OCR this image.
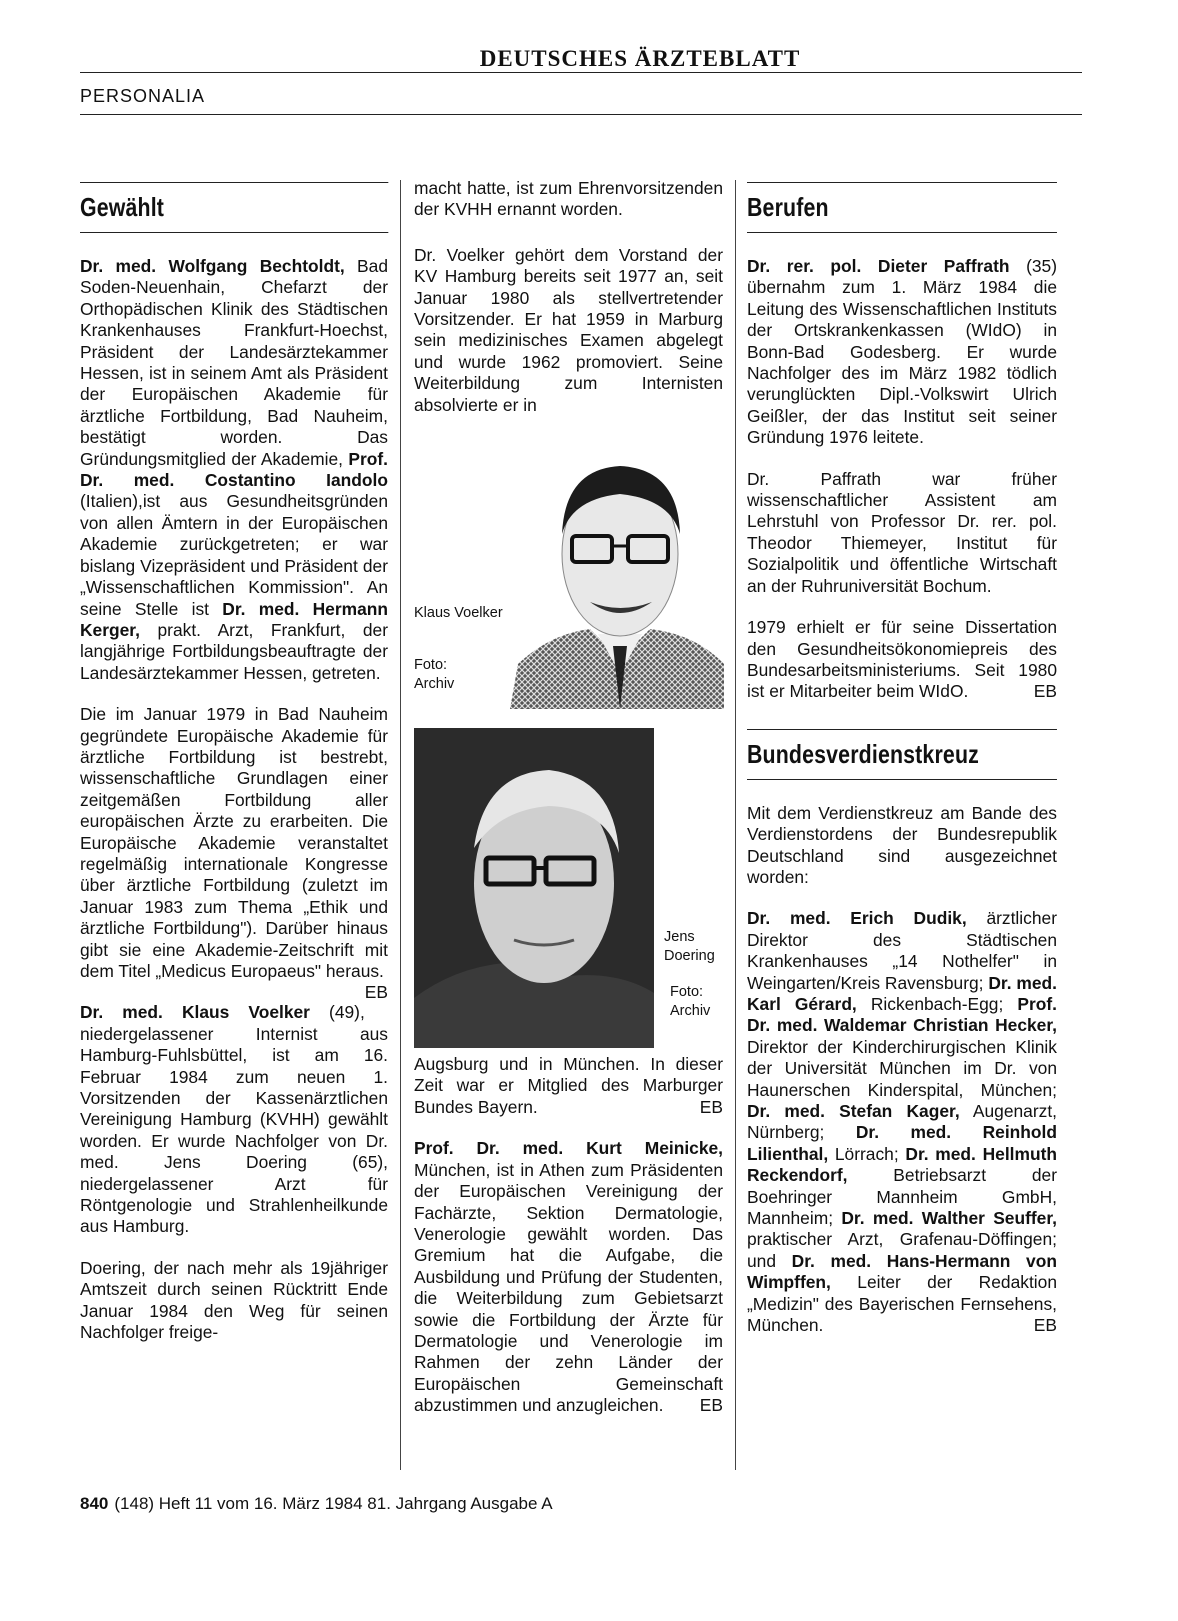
DEUTSCHES ÄRZTEBLATT
PERSONALIA
Gewählt

Dr. med. Wolfgang Bechtoldt, Bad Soden-Neuenhain, Chefarzt der Orthopädischen Klinik des Städtischen Krankenhauses Frankfurt-Hoechst, Präsident der Landesärztekammer Hessen, ist in seinem Amt als Präsident der Europäischen Akademie für ärztliche Fortbildung, Bad Nauheim, bestätigt worden. Das Gründungsmitglied der Akademie, Prof. Dr. med. Costantino Iandolo (Italien),ist aus Gesundheitsgründen von allen Ämtern in der Europäischen Akademie zurückgetreten; er war bislang Vizepräsident und Präsident der „Wissenschaftlichen Kommission". An seine Stelle ist Dr. med. Hermann Kerger, prakt. Arzt, Frankfurt, der langjährige Fortbildungsbeauftragte der Landesärztekammer Hessen, getreten.

Die im Januar 1979 in Bad Nauheim gegründete Europäische Akademie für ärztliche Fortbildung ist bestrebt, wissenschaftliche Grundlagen einer zeitgemäßen Fortbildung aller europäischen Ärzte zu erarbeiten. Die Europäische Akademie veranstaltet regelmäßig internationale Kongresse über ärztliche Fortbildung (zuletzt im Januar 1983 zum Thema „Ethik und ärztliche Fortbildung"). Darüber hinaus gibt sie eine Akademie-Zeitschrift mit dem Titel „Medicus Europaeus" heraus.
EB

Dr. med. Klaus Voelker (49), niedergelassener Internist aus Hamburg-Fuhlsbüttel, ist am 16. Februar 1984 zum neuen 1. Vorsitzenden der Kassenärztlichen Vereinigung Hamburg (KVHH) gewählt worden. Er wurde Nachfolger von Dr. med. Jens Doering (65), niedergelassener Arzt für Röntgenologie und Strahlenheilkunde aus Hamburg.

Doering, der nach mehr als 19jähriger Amtszeit durch seinen Rücktritt Ende Januar 1984 den Weg für seinen Nachfolger freige-

macht hatte, ist zum Ehrenvorsitzenden der KVHH ernannt worden.

Dr. Voelker gehört dem Vorstand der KV Hamburg bereits seit 1977 an, seit Januar 1980 als stellvertretender Vorsitzender. Er hat 1959 in Marburg sein medizinisches Examen abgelegt und wurde 1962 promoviert. Seine Weiterbildung zum Internisten absolvierte er in

Klaus Voelker
Foto: Archiv
Jens Doering
Foto: Archiv

Augsburg und in München. In dieser Zeit war er Mitglied des Marburger Bundes Bayern.	EB

Prof. Dr. med. Kurt Meinicke, München, ist in Athen zum Präsidenten der Europäischen Vereinigung der Fachärzte, Sektion Dermatologie, Venerologie gewählt worden. Das Gremium hat die Aufgabe, die Ausbildung und Prüfung der Studenten, die Weiterbildung zum Gebietsarzt sowie die Fortbildung der Ärzte für Dermatologie und Venerologie im Rahmen der zehn Länder der Europäischen Gemeinschaft abzustimmen und anzugleichen. EB

Berufen

Dr. rer. pol. Dieter Paffrath (35) übernahm zum 1. März 1984 die Leitung des Wissenschaftlichen Instituts der Ortskrankenkassen (WIdO) in Bonn-Bad Godesberg. Er wurde Nachfolger des im März 1982 tödlich verunglückten Dipl.-Volkswirt Ulrich Geißler, der das Institut seit seiner Gründung 1976 leitete.

Dr. Paffrath war früher wissenschaftlicher Assistent am Lehrstuhl von Professor Dr. rer. pol. Theodor Thiemeyer, Institut für Sozialpolitik und öffentliche Wirtschaft an der Ruhruniversität Bochum.

1979 erhielt er für seine Dissertation den Gesundheitsökonomiepreis des Bundesarbeitsministeriums. Seit 1980 ist er Mitarbeiter beim WIdO.	EB

Bundesverdienstkreuz

Mit dem Verdienstkreuz am Bande des Verdienstordens der Bundesrepublik Deutschland sind ausgezeichnet worden:

Dr. med. Erich Dudik, ärztlicher Direktor des Städtischen Krankenhauses „14 Nothelfer" in Weingarten/Kreis Ravensburg; Dr. med. Karl Gérard, Rickenbach-Egg; Prof. Dr. med. Waldemar Christian Hecker, Direktor der Kinderchirurgischen Klinik der Universität München im Dr. von Haunerschen Kinderspital, München; Dr. med. Stefan Kager, Augenarzt, Nürnberg; Dr. med. Reinhold Lilienthal, Lörrach; Dr. med. Hellmuth Reckendorf, Betriebsarzt der Boehringer Mannheim GmbH, Mannheim; Dr. med. Walther Seuffer, praktischer Arzt, Grafenau-Döffingen; und Dr. med. Hans-Hermann von Wimpffen, Leiter der Redaktion „Medizin" des Bayerischen Fernsehens, München.	EB

840 (148) Heft 11 vom 16. März 1984 81. Jahrgang Ausgabe A
